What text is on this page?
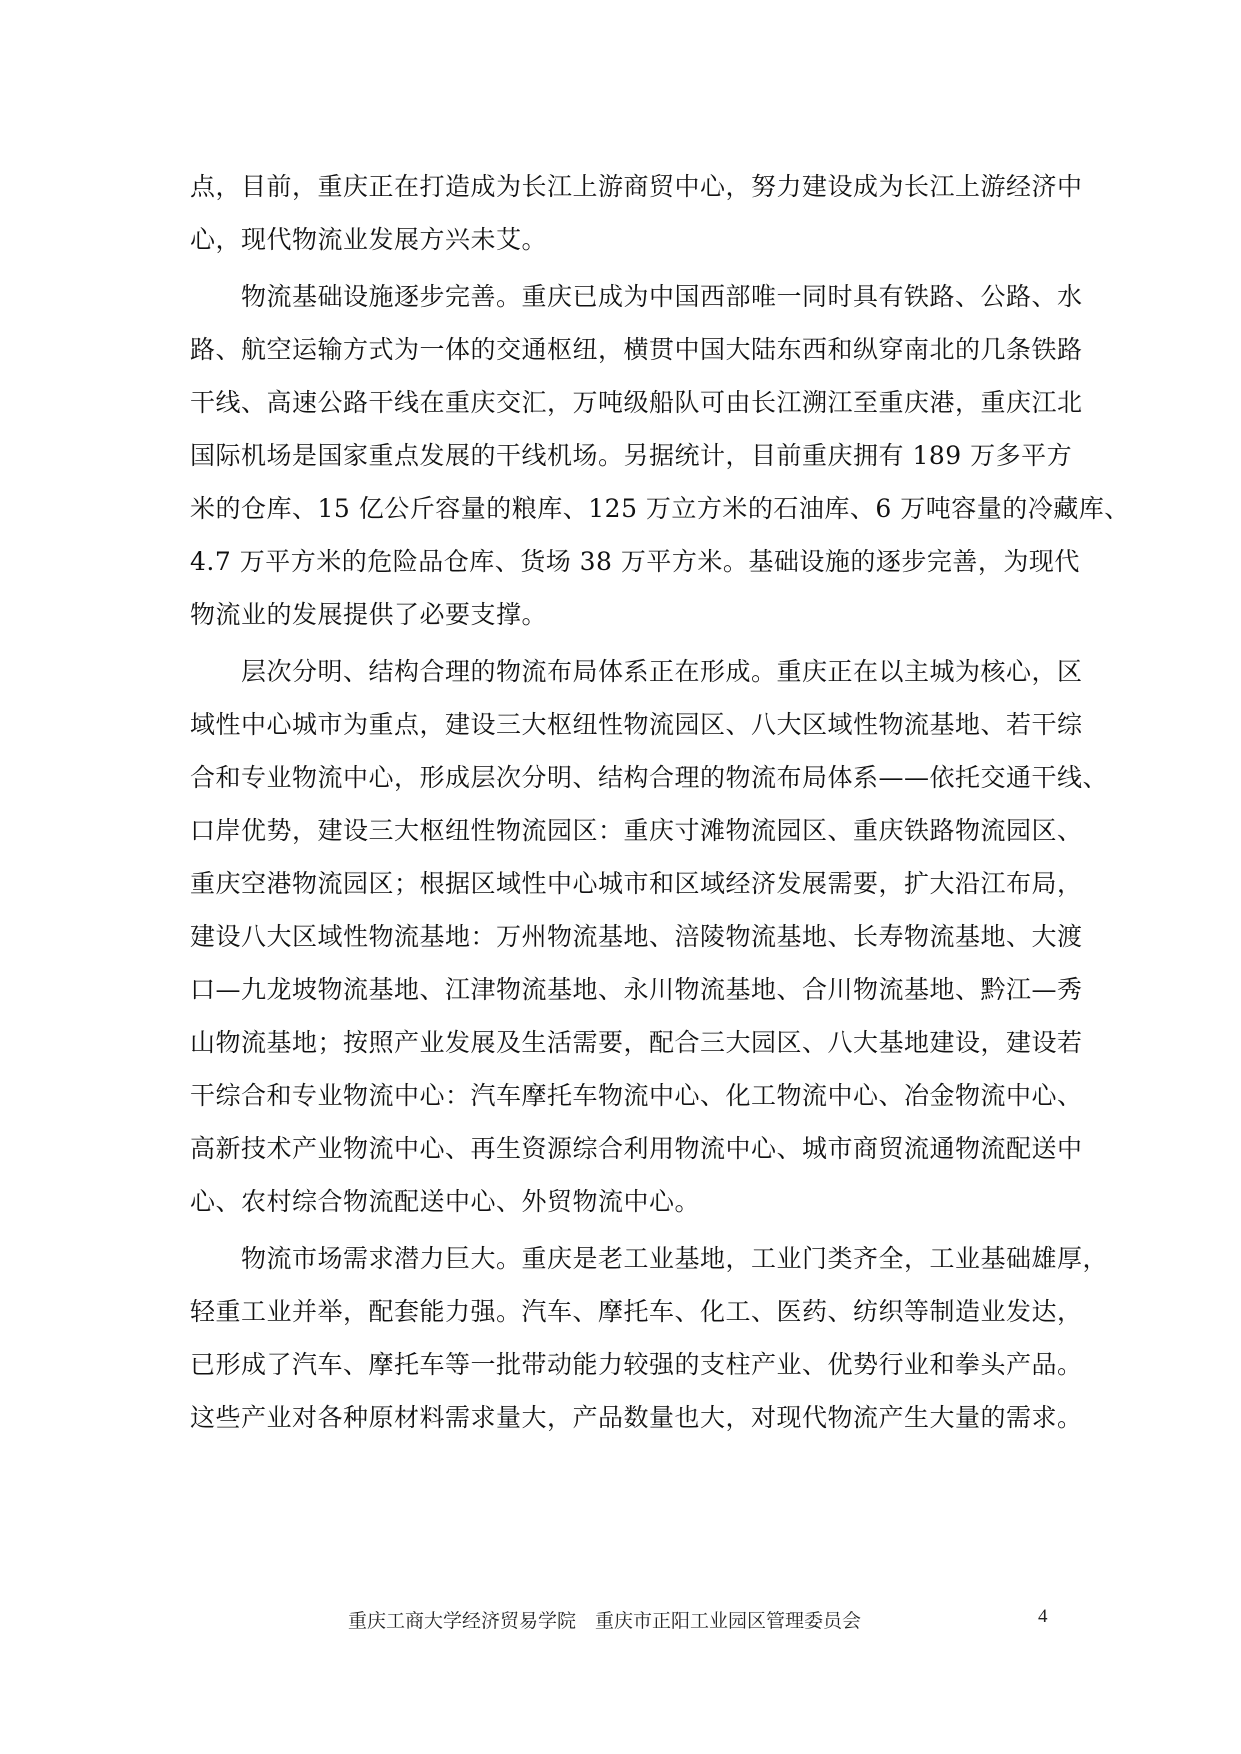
点，目前，重庆正在打造成为长江上游商贸中心，努力建设成为长江上游经济中
心，现代物流业发展方兴未艾。
　　物流基础设施逐步完善。重庆已成为中国西部唯一同时具有铁路、公路、水
路、航空运输方式为一体的交通枢纽，横贯中国大陆东西和纵穿南北的几条铁路
干线、高速公路干线在重庆交汇，万吨级船队可由长江溯江至重庆港，重庆江北
国际机场是国家重点发展的干线机场。另据统计，目前重庆拥有 189 万多平方
米的仓库、15 亿公斤容量的粮库、125 万立方米的石油库、6 万吨容量的冷藏库、
4.7 万平方米的危险品仓库、货场 38 万平方米。基础设施的逐步完善，为现代
物流业的发展提供了必要支撑。
　　层次分明、结构合理的物流布局体系正在形成。重庆正在以主城为核心，区
域性中心城市为重点，建设三大枢纽性物流园区、八大区域性物流基地、若干综
合和专业物流中心，形成层次分明、结构合理的物流布局体系——依托交通干线、
口岸优势，建设三大枢纽性物流园区：重庆寸滩物流园区、重庆铁路物流园区、
重庆空港物流园区；根据区域性中心城市和区域经济发展需要，扩大沿江布局，
建设八大区域性物流基地：万州物流基地、涪陵物流基地、长寿物流基地、大渡
口—九龙坡物流基地、江津物流基地、永川物流基地、合川物流基地、黔江—秀
山物流基地；按照产业发展及生活需要，配合三大园区、八大基地建设，建设若
干综合和专业物流中心：汽车摩托车物流中心、化工物流中心、冶金物流中心、
高新技术产业物流中心、再生资源综合利用物流中心、城市商贸流通物流配送中
心、农村综合物流配送中心、外贸物流中心。
　　物流市场需求潜力巨大。重庆是老工业基地，工业门类齐全，工业基础雄厚，
轻重工业并举，配套能力强。汽车、摩托车、化工、医药、纺织等制造业发达，
已形成了汽车、摩托车等一批带动能力较强的支柱产业、优势行业和拳头产品。
这些产业对各种原材料需求量大，产品数量也大，对现代物流产生大量的需求。
重庆工商大学经济贸易学院　重庆市正阳工业园区管理委员会	4
